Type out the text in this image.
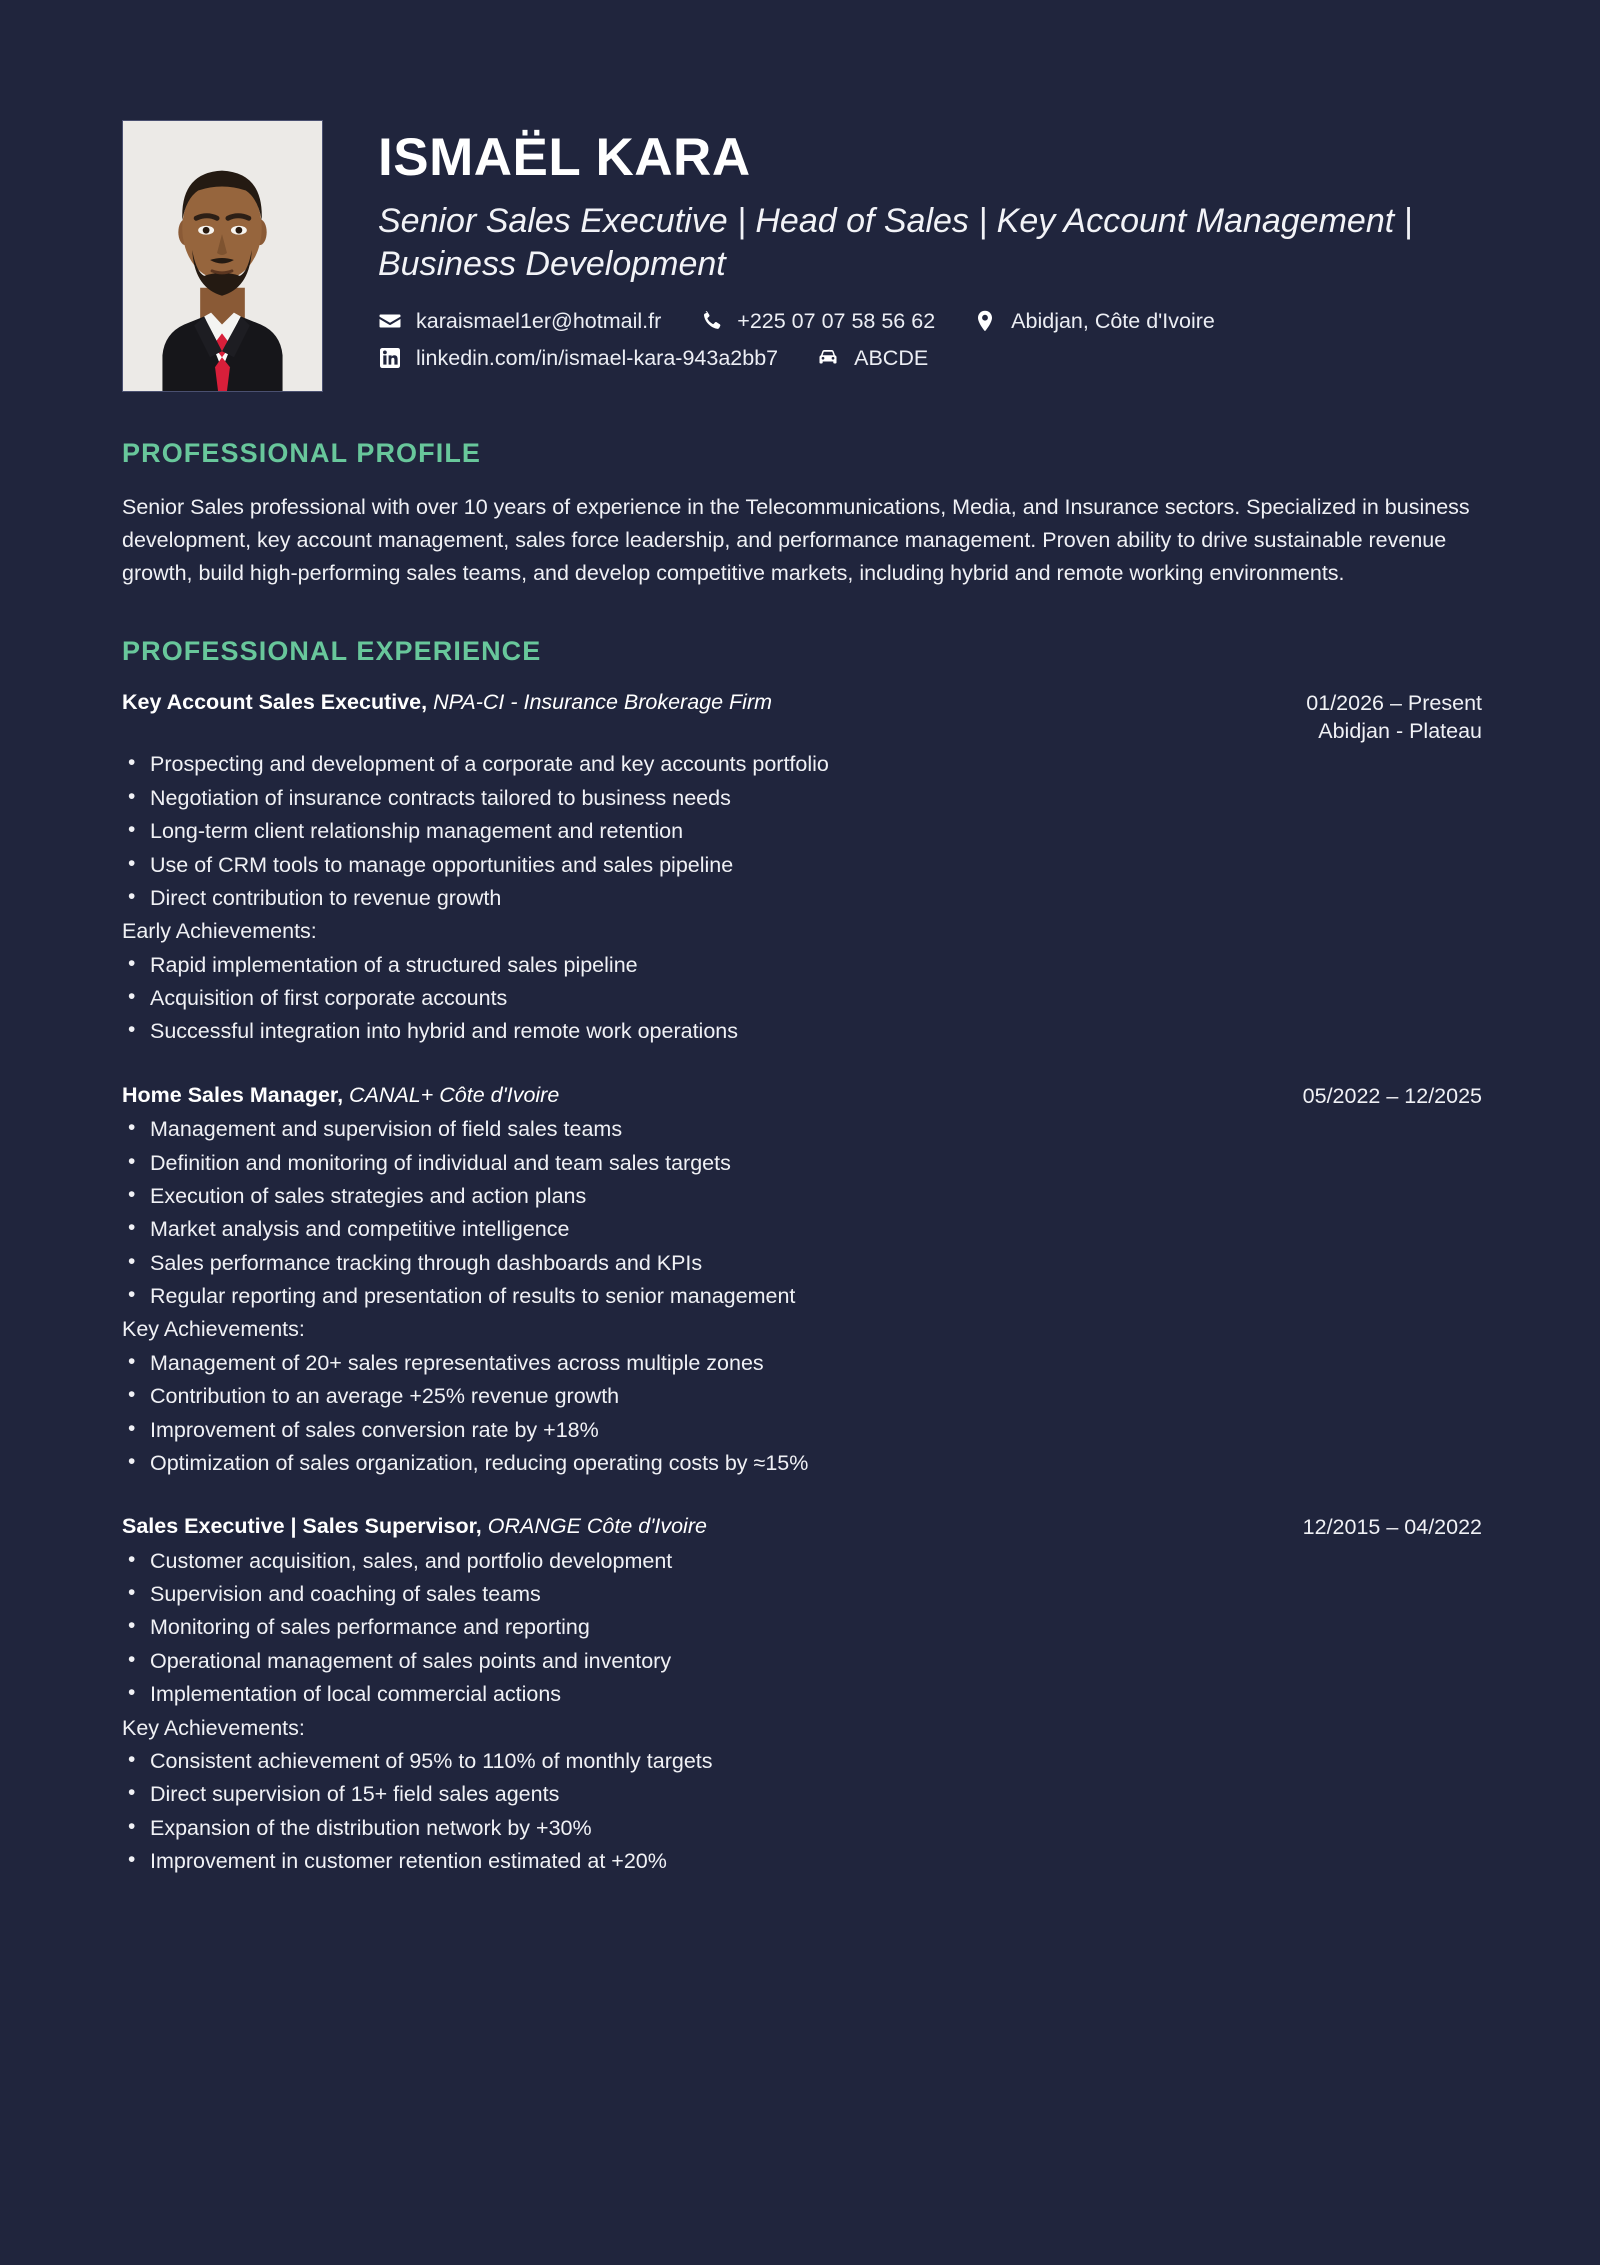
ISMAËL KARA
Senior Sales Executive | Head of Sales | Key Account Management | Business Development
karaismael1er@hotmail.fr	+225 07 07 58 56 62	Abidjan, Côte d'Ivoire
linkedin.com/in/ismael-kara-943a2bb7	ABCDE
PROFESSIONAL PROFILE

Senior Sales professional with over 10 years of experience in the Telecommunications, Media, and Insurance sectors. Specialized in business development, key account management, sales force leadership, and performance management. Proven ability to drive sustainable revenue growth, build high-performing sales teams, and develop competitive markets, including hybrid and remote working environments.

PROFESSIONAL EXPERIENCE
Key Account Sales Executive, NPA-CI - Insurance Brokerage Firm	01/2026 – Present
Abidjan - Plateau
• Prospecting and development of a corporate and key accounts portfolio
• Negotiation of insurance contracts tailored to business needs
• Long-term client relationship management and retention
• Use of CRM tools to manage opportunities and sales pipeline
• Direct contribution to revenue growth
Early Achievements:
• Rapid implementation of a structured sales pipeline
• Acquisition of first corporate accounts
• Successful integration into hybrid and remote work operations
Home Sales Manager, CANAL+ Côte d'Ivoire	05/2022 – 12/2025
• Management and supervision of field sales teams
• Definition and monitoring of individual and team sales targets
• Execution of sales strategies and action plans
• Market analysis and competitive intelligence
• Sales performance tracking through dashboards and KPIs
• Regular reporting and presentation of results to senior management
Key Achievements:
• Management of 20+ sales representatives across multiple zones
• Contribution to an average +25% revenue growth
• Improvement of sales conversion rate by +18%
• Optimization of sales organization, reducing operating costs by ≈15%
Sales Executive | Sales Supervisor, ORANGE Côte d'Ivoire	12/2015 – 04/2022
• Customer acquisition, sales, and portfolio development
• Supervision and coaching of sales teams
• Monitoring of sales performance and reporting
• Operational management of sales points and inventory
• Implementation of local commercial actions
Key Achievements:
• Consistent achievement of 95% to 110% of monthly targets
• Direct supervision of 15+ field sales agents
• Expansion of the distribution network by +30%
• Improvement in customer retention estimated at +20%
